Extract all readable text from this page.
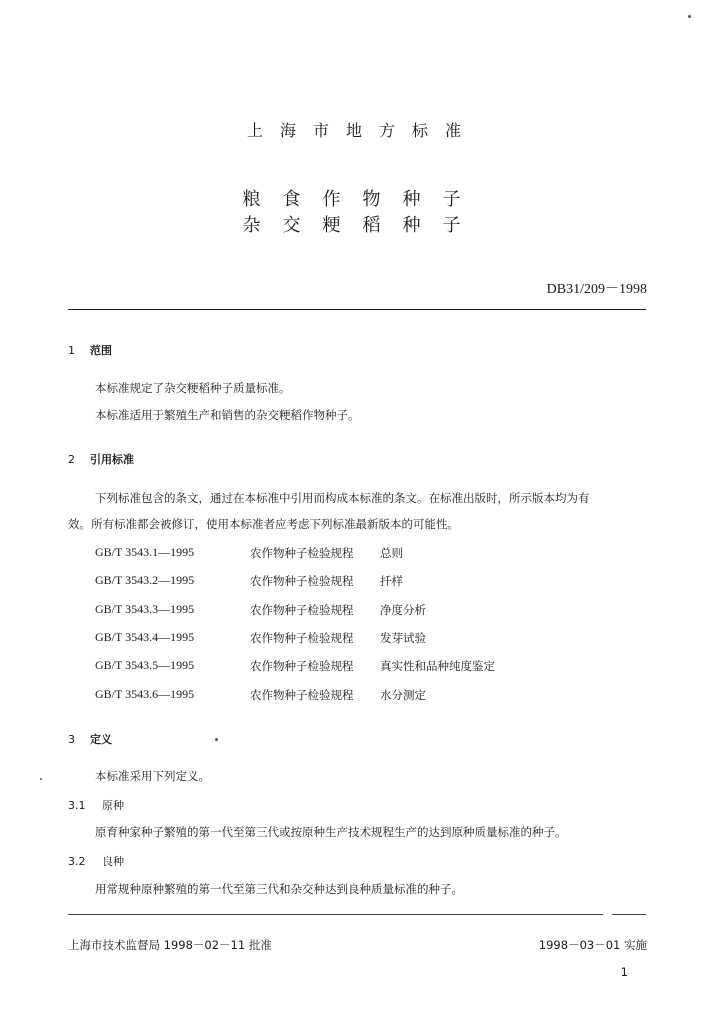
上海市地方标准
粮食作物种子
杂交粳稻种子
DB31/209－1998
1 范围
本标准规定了杂交粳稻种子质量标准。
本标准适用于繁殖生产和销售的杂交粳稻作物种子。
2 引用标准
下列标准包含的条文，通过在本标准中引用而构成本标准的条文。在标准出版时，所示版本均为有
效。所有标准都会被修订，使用本标准者应考虑下列标准最新版本的可能性。
GB/T 3543.1—1995	农作物种子检验规程	总则
GB/T 3543.2—1995	农作物种子检验规程	扦样
GB/T 3543.3—1995	农作物种子检验规程	净度分析
GB/T 3543.4—1995	农作物种子检验规程	发芽试验
GB/T 3543.5—1995	农作物种子检验规程	真实性和品种纯度鉴定
GB/T 3543.6—1995	农作物种子检验规程	水分测定
3 定义
本标准采用下列定义。
3.1 原种
原育种家种子繁殖的第一代至第三代或按原种生产技术规程生产的达到原种质量标准的种子。
3.2 良种
用常规种原种繁殖的第一代至第三代和杂交种达到良种质量标准的种子。
上海市技术监督局 1998－02－11 批准	1998－03－01 实施
1
